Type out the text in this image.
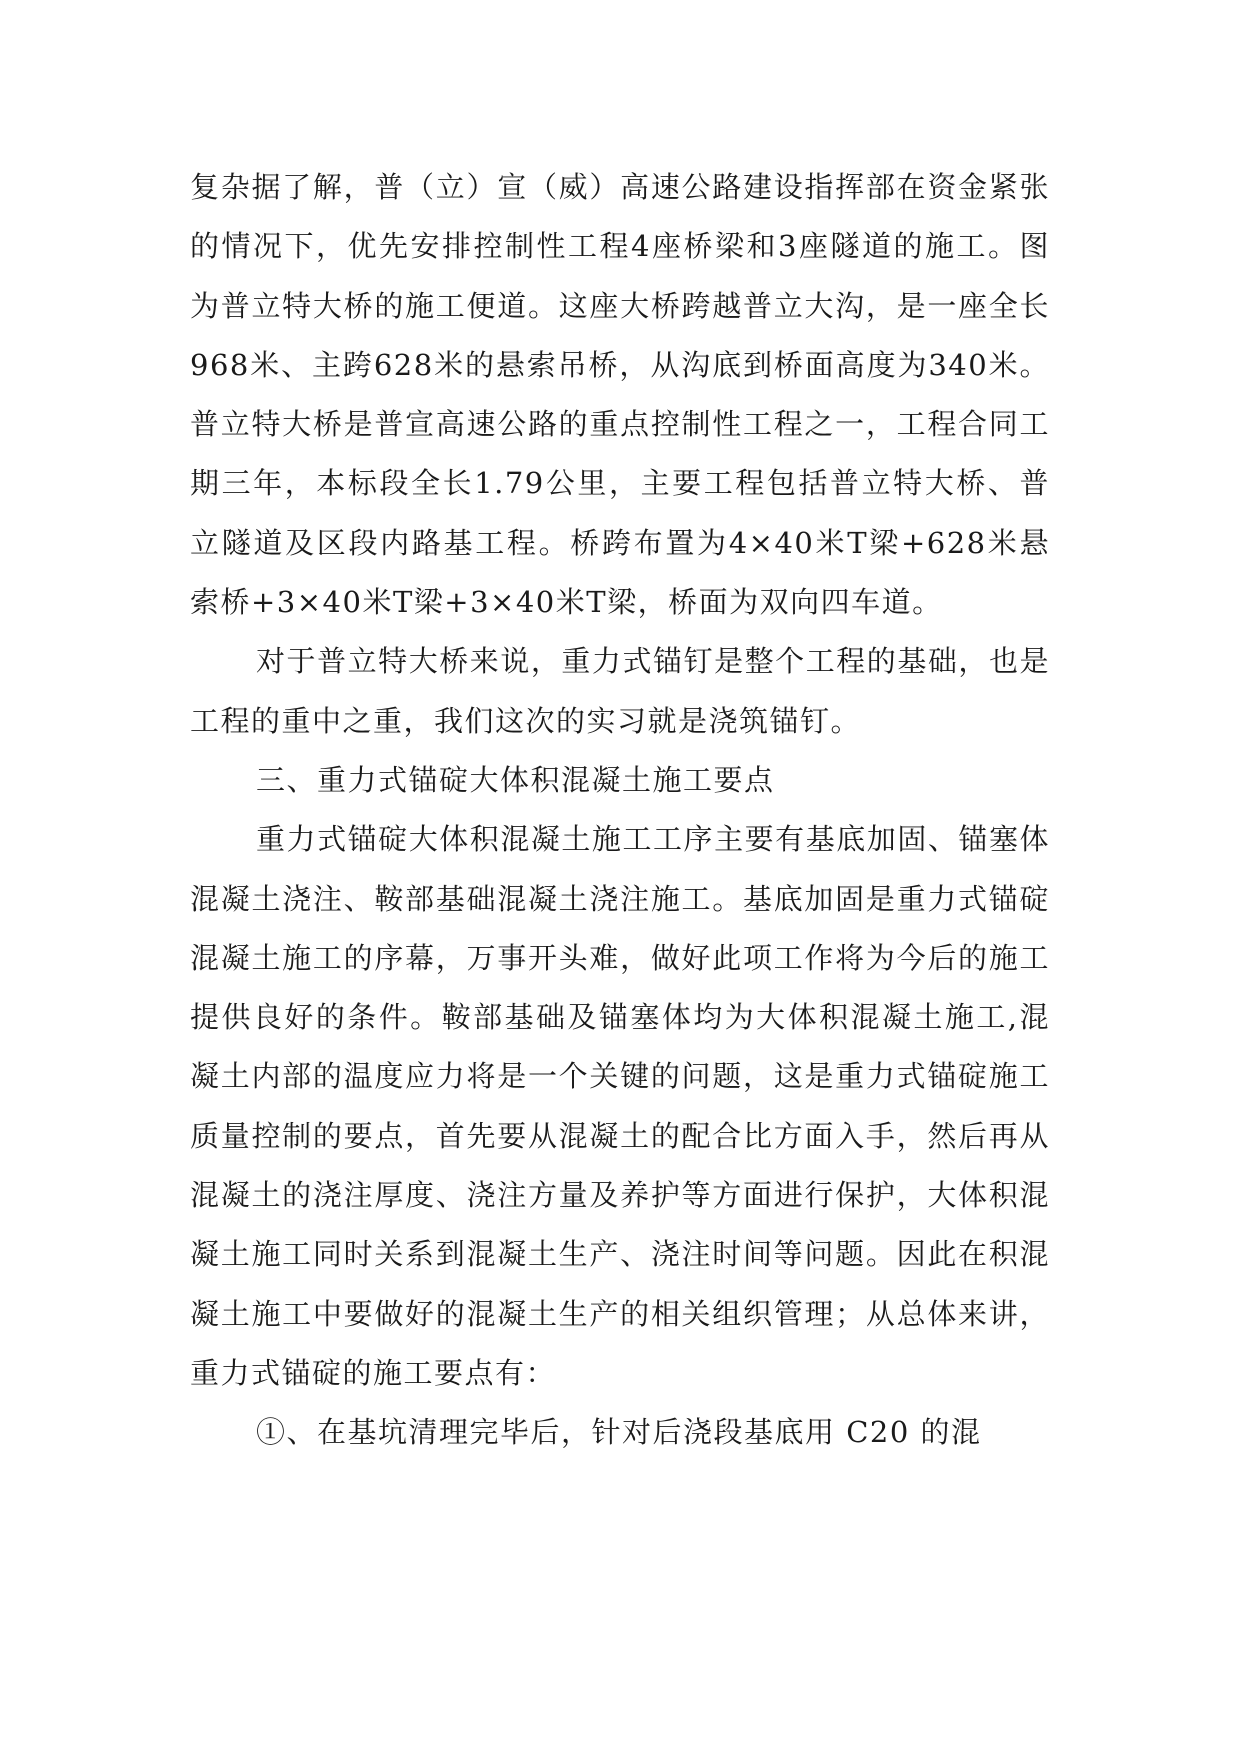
复杂据了解，普（立）宣（威）高速公路建设指挥部在资金紧张的情况下，优先安排控制性工程4座桥梁和3座隧道的施工。图为普立特大桥的施工便道。这座大桥跨越普立大沟，是一座全长968米、主跨628米的悬索吊桥，从沟底到桥面高度为340米。普立特大桥是普宣高速公路的重点控制性工程之一，工程合同工期三年，本标段全长1.79公里，主要工程包括普立特大桥、普立隧道及区段内路基工程。桥跨布置为4×40米T梁+628米悬索桥+3×40米T梁+3×40米T梁，桥面为双向四车道。

对于普立特大桥来说，重力式锚钉是整个工程的基础，也是工程的重中之重，我们这次的实习就是浇筑锚钉。

三、重力式锚碇大体积混凝土施工要点

重力式锚碇大体积混凝土施工工序主要有基底加固、锚塞体混凝土浇注、鞍部基础混凝土浇注施工。基底加固是重力式锚碇混凝土施工的序幕，万事开头难，做好此项工作将为今后的施工提供良好的条件。鞍部基础及锚塞体均为大体积混凝土施工,混凝土内部的温度应力将是一个关键的问题，这是重力式锚碇施工质量控制的要点，首先要从混凝土的配合比方面入手，然后再从混凝土的浇注厚度、浇注方量及养护等方面进行保护，大体积混凝土施工同时关系到混凝土生产、浇注时间等问题。因此在积混凝土施工中要做好的混凝土生产的相关组织管理；从总体来讲，重力式锚碇的施工要点有：

①、在基坑清理完毕后，针对后浇段基底用 C20 的混
